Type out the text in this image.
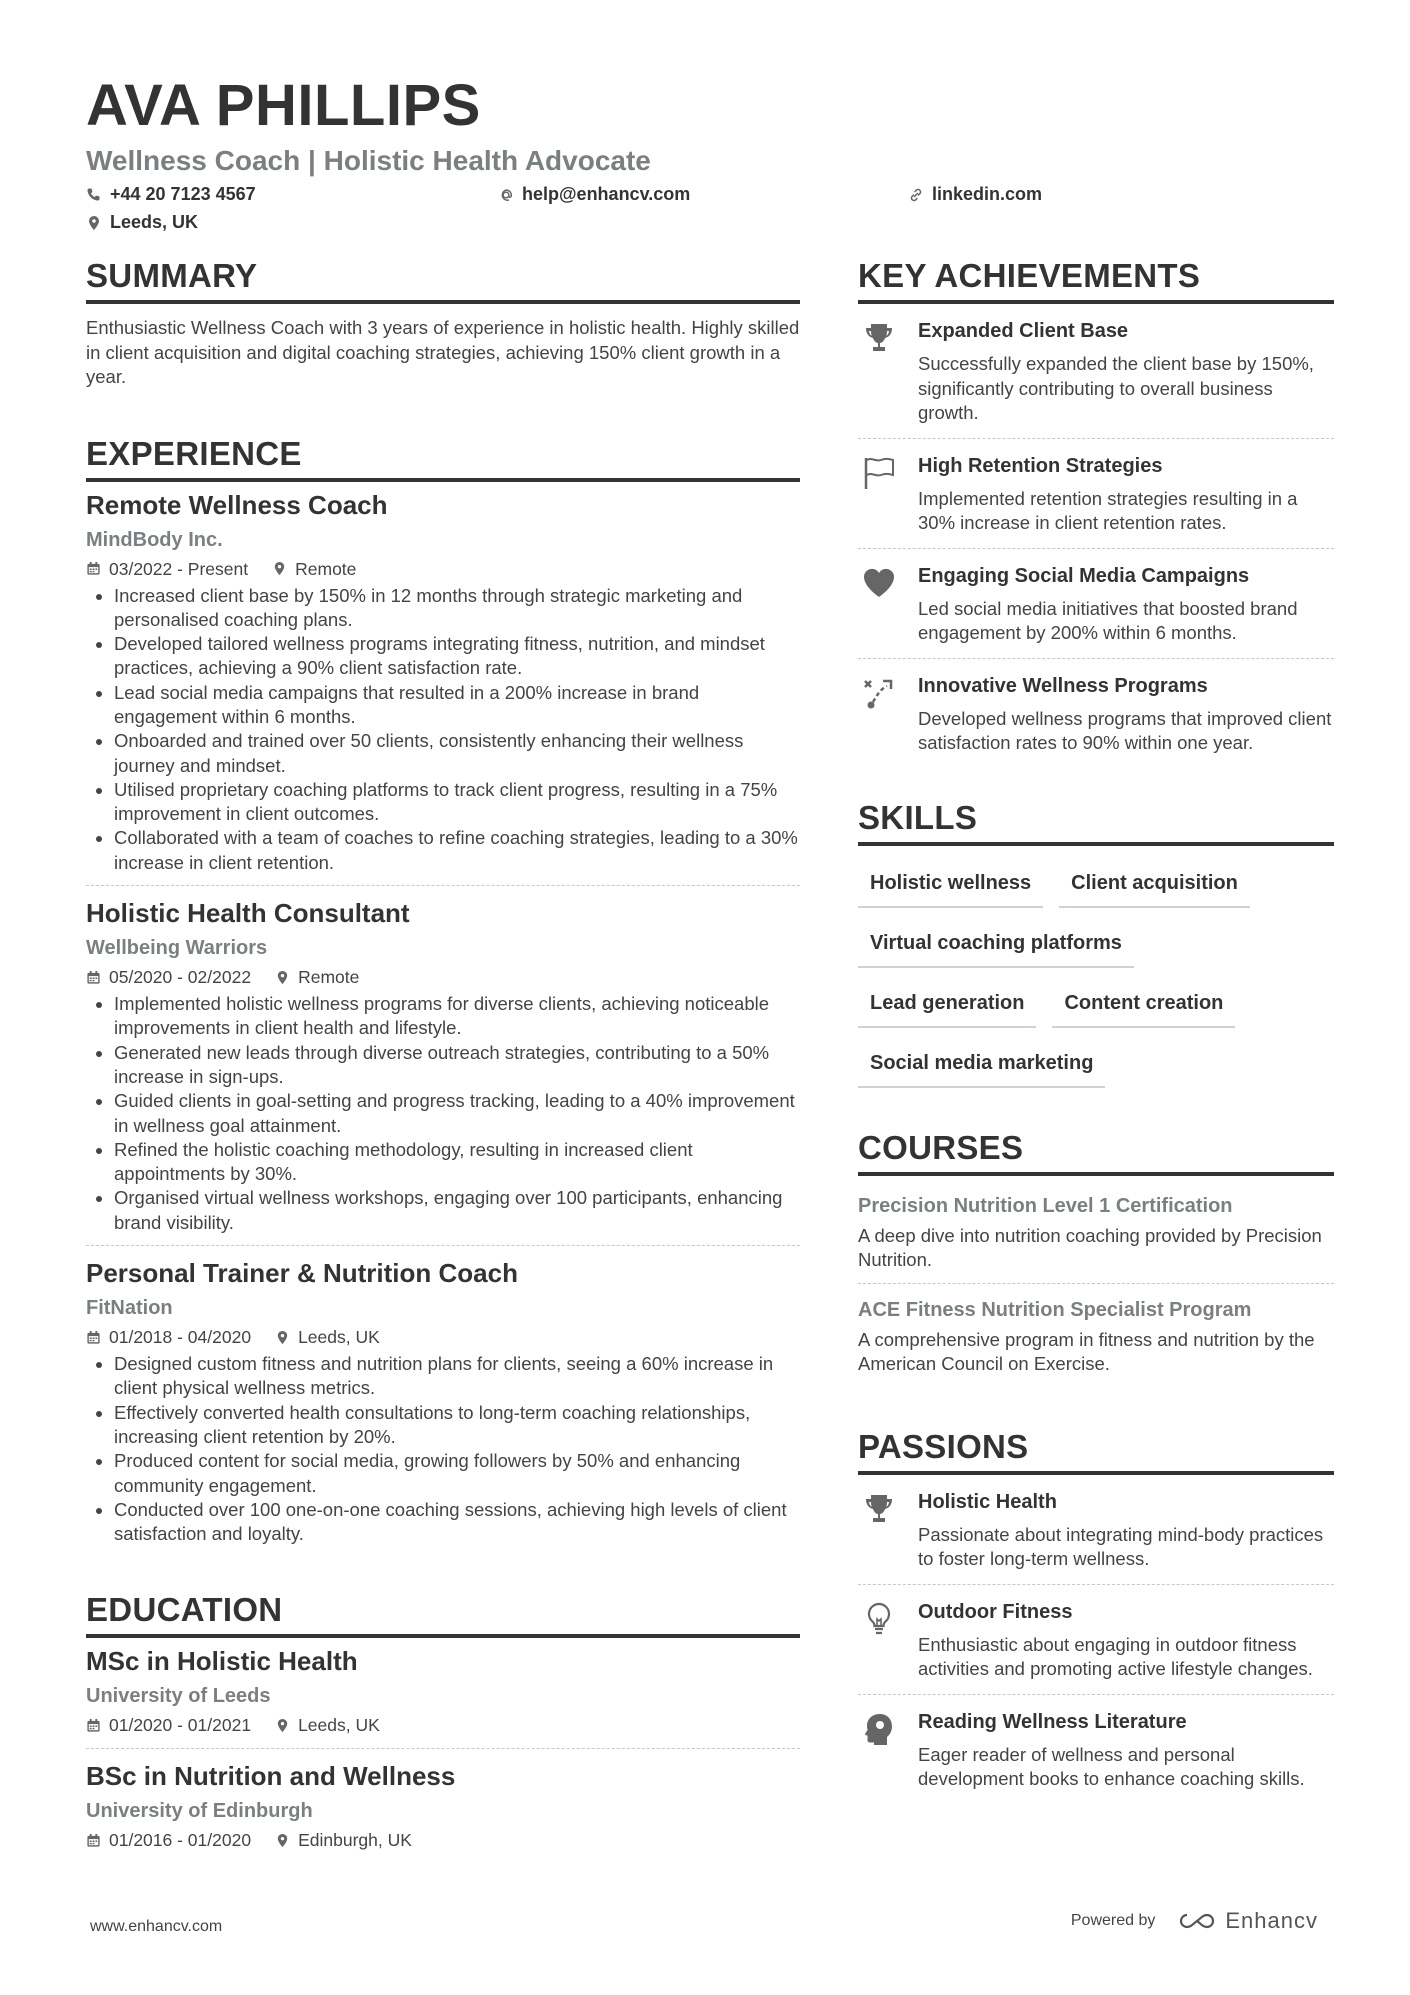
AVA PHILLIPS
Wellness Coach | Holistic Health Advocate
+44 20 7123 4567	help@enhancv.com	linkedin.com
Leeds, UK
SUMMARY

Enthusiastic Wellness Coach with 3 years of experience in holistic health. Highly skilled in client acquisition and digital coaching strategies, achieving 150% client growth in a year.

EXPERIENCE
Remote Wellness Coach
MindBody Inc.
03/2022 - Present	Remote
• Increased client base by 150% in 12 months through strategic marketing and personalised coaching plans.
• Developed tailored wellness programs integrating fitness, nutrition, and mindset practices, achieving a 90% client satisfaction rate.
• Lead social media campaigns that resulted in a 200% increase in brand engagement within 6 months.
• Onboarded and trained over 50 clients, consistently enhancing their wellness journey and mindset.
• Utilised proprietary coaching platforms to track client progress, resulting in a 75% improvement in client outcomes.
• Collaborated with a team of coaches to refine coaching strategies, leading to a 30% increase in client retention.
Holistic Health Consultant
Wellbeing Warriors
05/2020 - 02/2022	Remote
• Implemented holistic wellness programs for diverse clients, achieving noticeable improvements in client health and lifestyle.
• Generated new leads through diverse outreach strategies, contributing to a 50% increase in sign-ups.
• Guided clients in goal-setting and progress tracking, leading to a 40% improvement in wellness goal attainment.
• Refined the holistic coaching methodology, resulting in increased client appointments by 30%.
• Organised virtual wellness workshops, engaging over 100 participants, enhancing brand visibility.
Personal Trainer & Nutrition Coach
FitNation
01/2018 - 04/2020	Leeds, UK
• Designed custom fitness and nutrition plans for clients, seeing a 60% increase in client physical wellness metrics.
• Effectively converted health consultations to long-term coaching relationships, increasing client retention by 20%.
• Produced content for social media, growing followers by 50% and enhancing community engagement.
• Conducted over 100 one-on-one coaching sessions, achieving high levels of client satisfaction and loyalty.
EDUCATION
MSc in Holistic Health
University of Leeds
01/2020 - 01/2021	Leeds, UK
BSc in Nutrition and Wellness
University of Edinburgh
01/2016 - 01/2020	Edinburgh, UK
KEY ACHIEVEMENTS
Expanded Client Base

Successfully expanded the client base by 150%, significantly contributing to overall business growth.

High Retention Strategies

Implemented retention strategies resulting in a 30% increase in client retention rates.

Engaging Social Media Campaigns

Led social media initiatives that boosted brand engagement by 200% within 6 months.

Innovative Wellness Programs

Developed wellness programs that improved client satisfaction rates to 90% within one year.

SKILLS
Holistic wellness	Client acquisition
Virtual coaching platforms
Lead generation	Content creation
Social media marketing
COURSES
Precision Nutrition Level 1 Certification

A deep dive into nutrition coaching provided by Precision Nutrition.

ACE Fitness Nutrition Specialist Program

A comprehensive program in fitness and nutrition by the American Council on Exercise.

PASSIONS
Holistic Health

Passionate about integrating mind-body practices to foster long-term wellness.

Outdoor Fitness

Enthusiastic about engaging in outdoor fitness activities and promoting active lifestyle changes.

Reading Wellness Literature

Eager reader of wellness and personal development books to enhance coaching skills.

www.enhancv.com	Powered by	Enhancv
